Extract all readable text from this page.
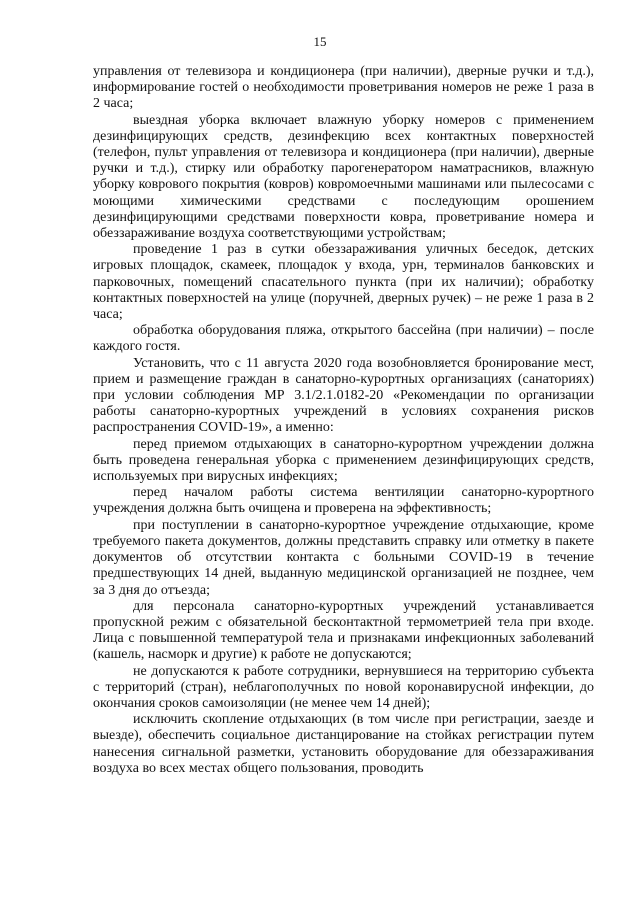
15

управления от телевизора и кондиционера (при наличии), дверные ручки и т.д.), информирование гостей о необходимости проветривания номеров не реже 1 раза в 2 часа;

выездная уборка включает влажную уборку номеров с применением дезинфицирующих средств, дезинфекцию всех контактных поверхностей (телефон, пульт управления от телевизора и кондиционера (при наличии), дверные ручки и т.д.), стирку или обработку парогенератором наматрасников, влажную уборку коврового покрытия (ковров) ковромоечными машинами или пылесосами с моющими химическими средствами с последующим орошением дезинфицирующими средствами поверхности ковра, проветривание номера и обеззараживание воздуха соответствующими устройствам;

проведение 1 раз в сутки обеззараживания уличных беседок, детских игровых площадок, скамеек, площадок у входа, урн, терминалов банковских и парковочных, помещений спасательного пункта (при их наличии); обработку контактных поверхностей на улице (поручней, дверных ручек) – не реже 1 раза в 2 часа;

обработка оборудования пляжа, открытого бассейна (при наличии) – после каждого гостя.

Установить, что с 11 августа 2020 года возобновляется бронирование мест, прием и размещение граждан в санаторно-курортных организациях (санаториях) при условии соблюдения МР 3.1/2.1.0182-20 «Рекомендации по организации работы санаторно-курортных учреждений в условиях сохранения рисков распространения COVID-19», а именно:

перед приемом отдыхающих в санаторно-курортном учреждении должна быть проведена генеральная уборка с применением дезинфицирующих средств, используемых при вирусных инфекциях;

перед началом работы система вентиляции санаторно-курортного учреждения должна быть очищена и проверена на эффективность;

при поступлении в санаторно-курортное учреждение отдыхающие, кроме требуемого пакета документов, должны представить справку или отметку в пакете документов об отсутствии контакта с больными COVID-19 в течение предшествующих 14 дней, выданную медицинской организацией не позднее, чем за 3 дня до отъезда;

для персонала санаторно-курортных учреждений устанавливается пропускной режим с обязательной бесконтактной термометрией тела при входе. Лица с повышенной температурой тела и признаками инфекционных заболеваний (кашель, насморк и другие) к работе не допускаются;

не допускаются к работе сотрудники, вернувшиеся на территорию субъекта с территорий (стран), неблагополучных по новой коронавирусной инфекции, до окончания сроков самоизоляции (не менее чем 14 дней);

исключить скопление отдыхающих (в том числе при регистрации, заезде и выезде), обеспечить социальное дистанцирование на стойках регистрации путем нанесения сигнальной разметки, установить оборудование для обеззараживания воздуха во всех местах общего пользования, проводить
